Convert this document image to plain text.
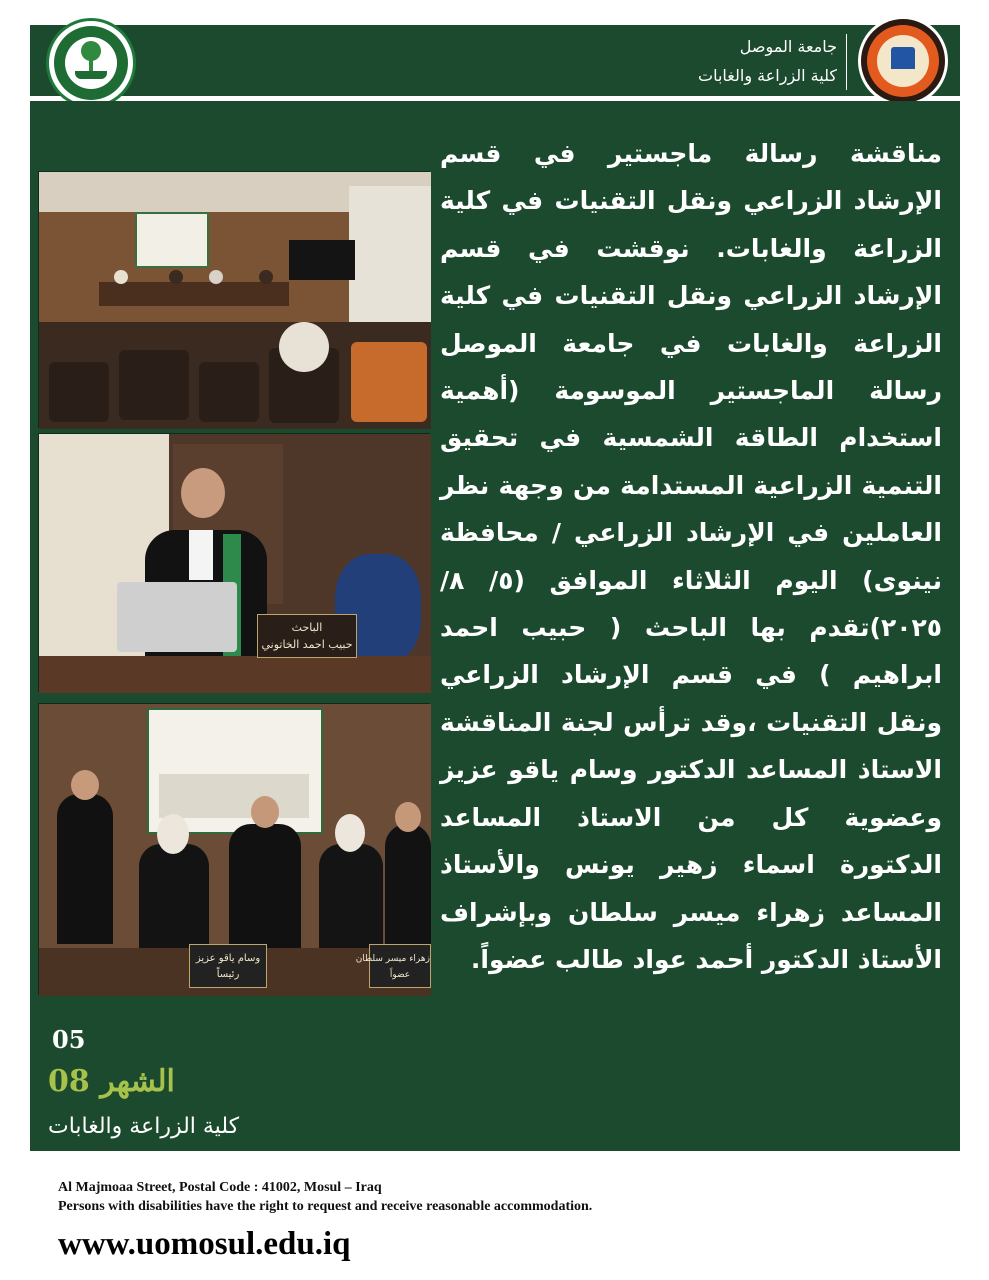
جامعة الموصل
كلية الزراعة والغابات

مناقشة رسالة ماجستير في قسم الإرشاد الزراعي ونقل التقنيات في كلية الزراعة والغابات. نوقشت في قسم الإرشاد الزراعي ونقل التقنيات في كلية الزراعة والغابات في جامعة الموصل رسالة الماجستير الموسومة (أهمية استخدام الطاقة الشمسية في تحقيق التنمية الزراعية المستدامة من وجهة نظر العاملين في الإرشاد الزراعي / محافظة نينوى) اليوم الثلاثاء الموافق (٥/ ٨/ ٢٠٢٥)تقدم بها الباحث ( حبيب احمد ابراهيم ) في قسم الإرشاد الزراعي ونقل التقنيات ،وقد ترأس لجنة المناقشة الاستاذ المساعد الدكتور وسام ياقو عزيز وعضوية كل من الاستاذ المساعد الدكتورة اسماء زهير يونس والأستاذ المساعد زهراء ميسر سلطان وبإشراف الأستاذ الدكتور أحمد عواد طالب عضواً.

الباحث
حبيب احمد الخاتوني
وسام ياقو عزيز
رئيساً
زهراء ميسر سلطان
عضواً
05
الشهر 08
كلية الزراعة والغابات
Al Majmoaa Street, Postal Code : 41002, Mosul – Iraq
Persons with disabilities have the right to request and receive reasonable accommodation.
www.uomosul.edu.iq
